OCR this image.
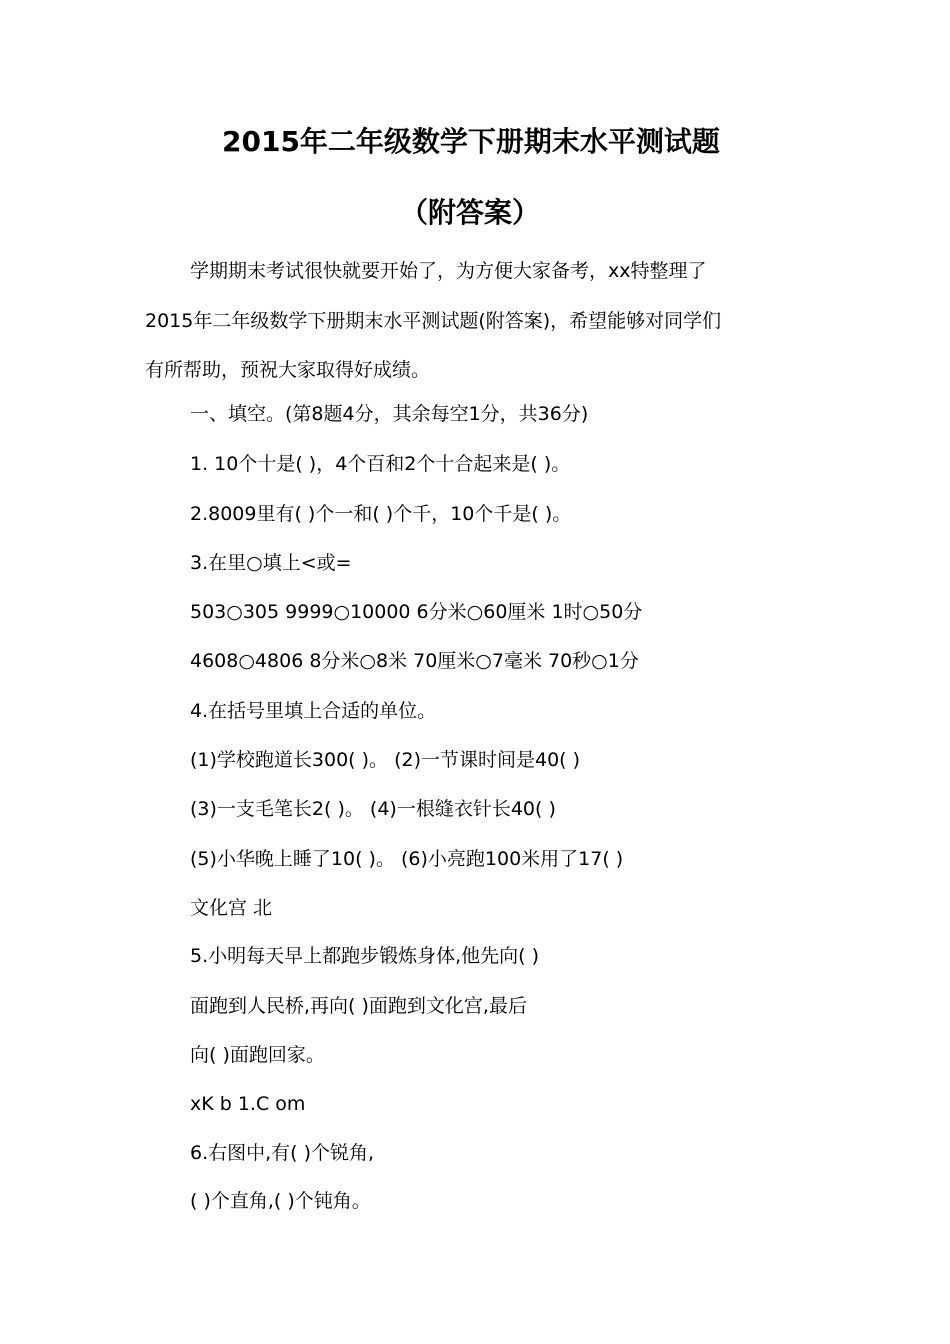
2015年二年级数学下册期末水平测试题
（附答案）
学期期末考试很快就要开始了，为方便大家备考，xx特整理了
2015年二年级数学下册期末水平测试题(附答案)，希望能够对同学们
有所帮助，预祝大家取得好成绩。
一、填空。(第8题4分，其余每空1分，共36分)
1. 10个十是( )，4个百和2个十合起来是( )。
2.8009里有( )个一和( )个千，10个千是( )。
3.在里○填上<或=
503○305 9999○10000 6分米○60厘米 1时○50分
4608○4806 8分米○8米 70厘米○7毫米 70秒○1分
4.在括号里填上合适的单位。
(1)学校跑道长300( )。 (2)一节课时间是40( )
(3)一支毛笔长2( )。 (4)一根缝衣针长40( )
(5)小华晚上睡了10( )。 (6)小亮跑100米用了17( )
文化宫 北
5.小明每天早上都跑步锻炼身体,他先向( )
面跑到人民桥,再向( )面跑到文化宫,最后
向( )面跑回家。
xK b 1.C om
6.右图中,有( )个锐角,
( )个直角,( )个钝角。
